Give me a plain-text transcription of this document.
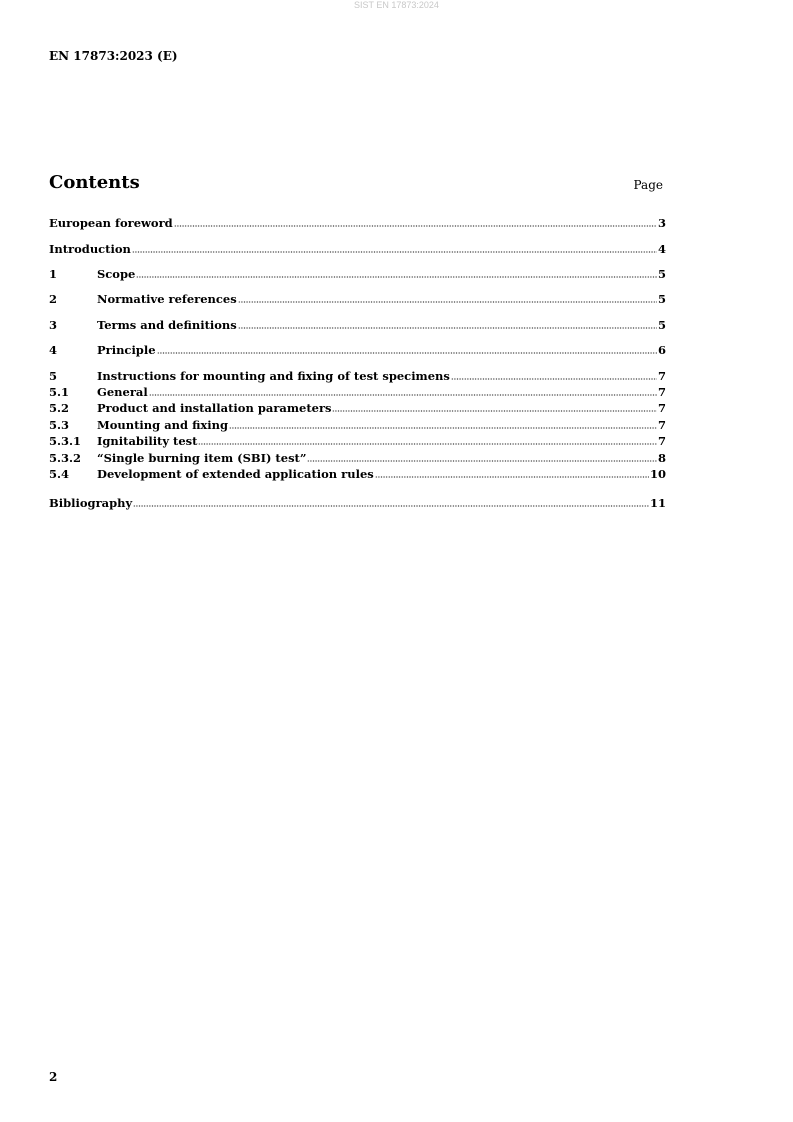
SIST EN 17873:2024
EN 17873:2023 (E)
Contents	Page
European foreword	3
Introduction	4
1	Scope	5
2	Normative references	5
3	Terms and definitions	5
4	Principle	6
5	Instructions for mounting and fixing of test specimens	7
5.1	General	7
5.2	Product and installation parameters	7
5.3	Mounting and fixing	7
5.3.1	Ignitability test	7
5.3.2	“Single burning item (SBI) test”	8
5.4	Development of extended application rules	10
Bibliography	11
2
